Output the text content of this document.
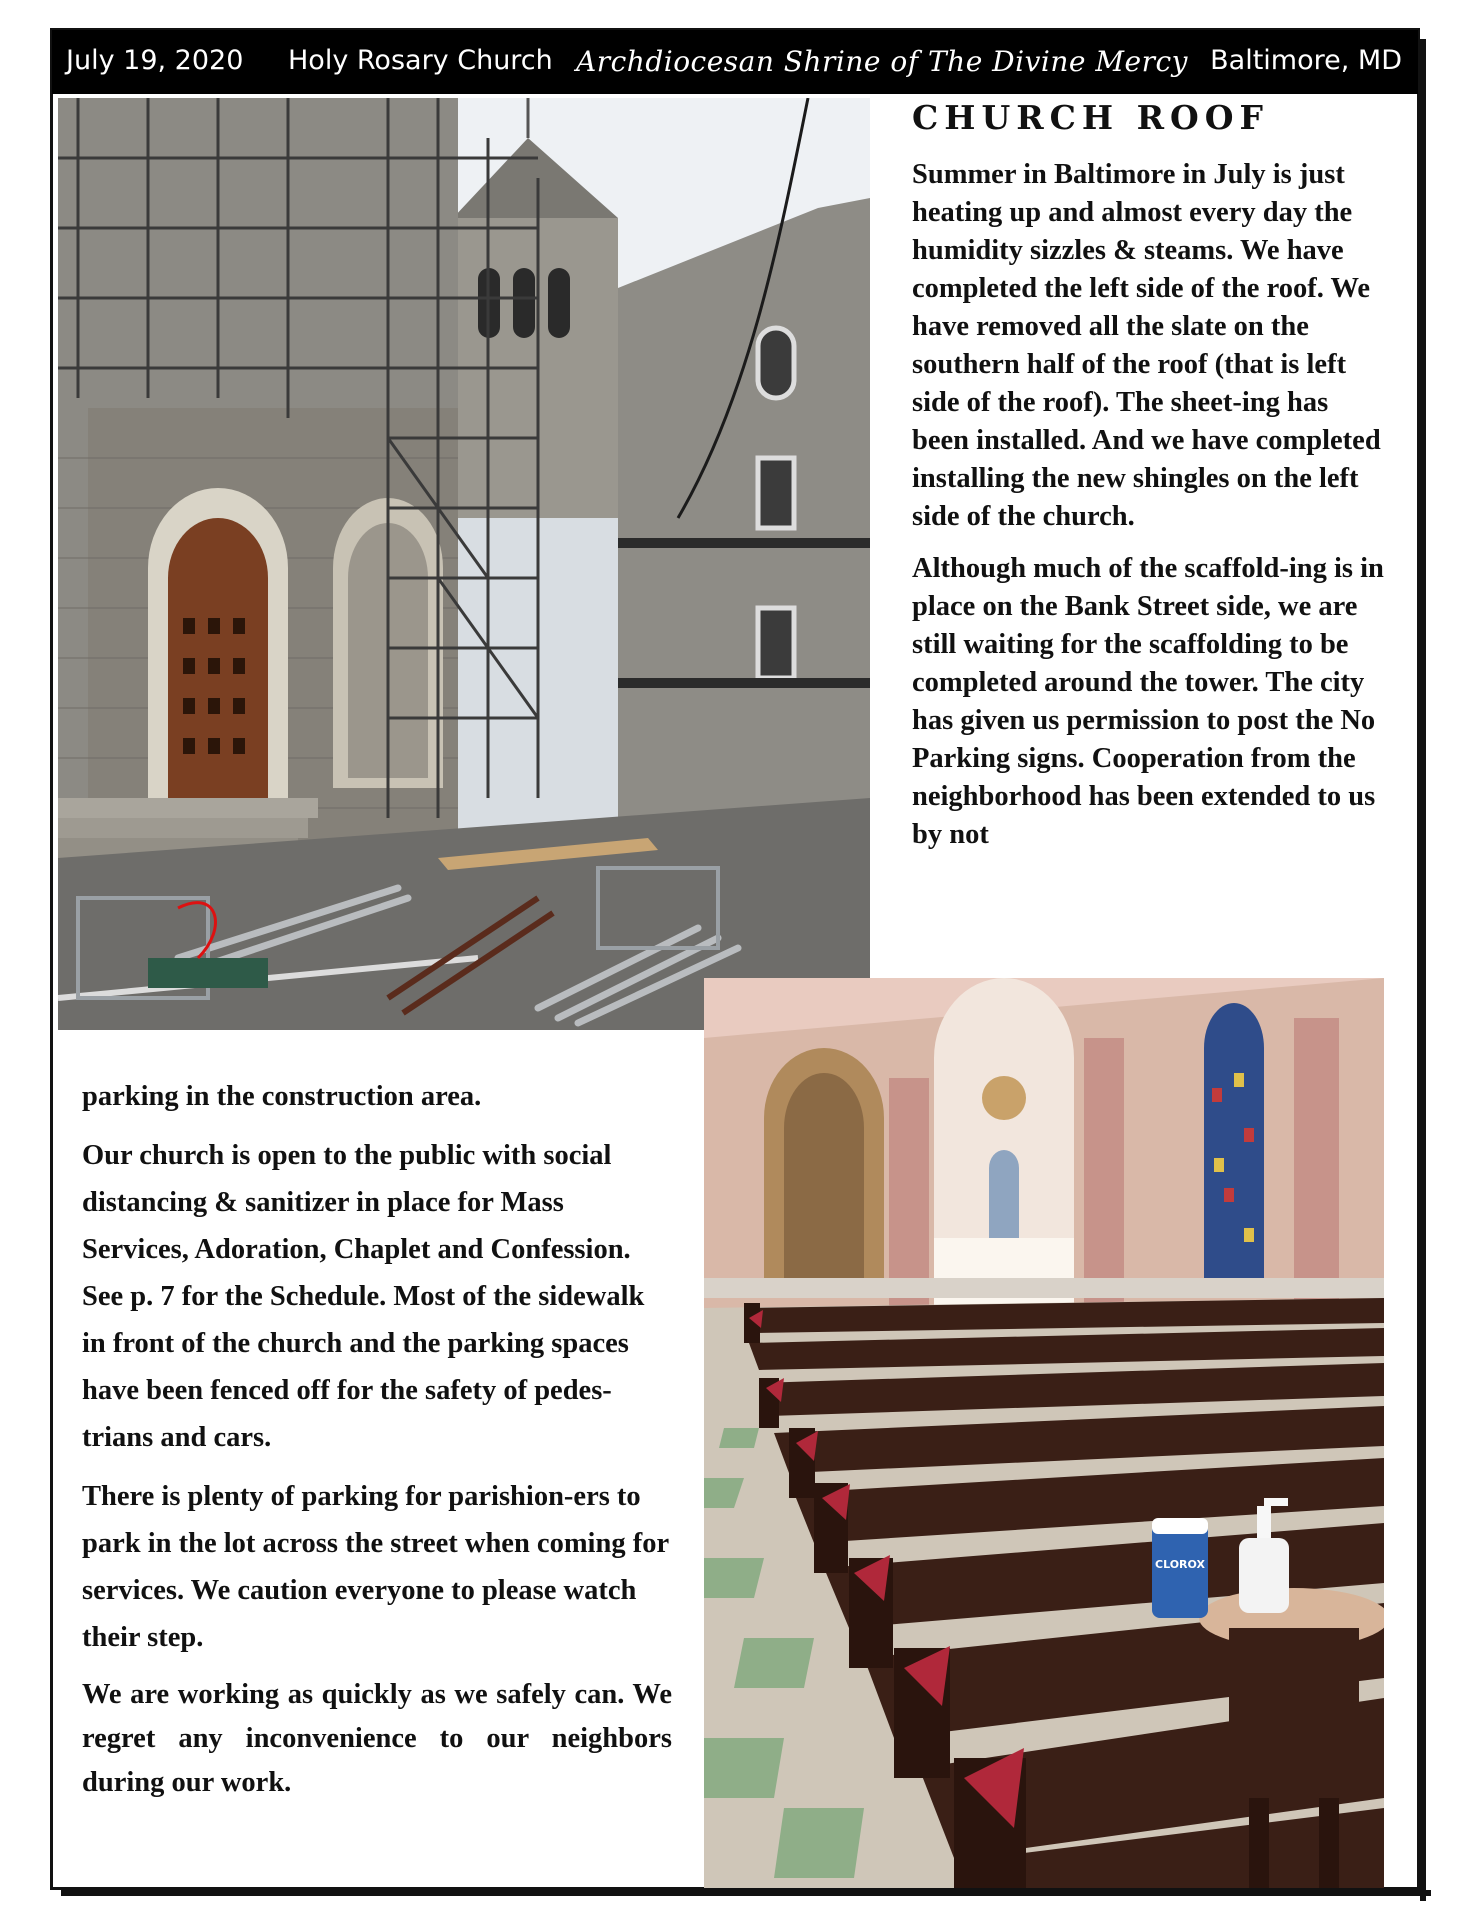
July 19, 2020 Holy Rosary Church Archdiocesan Shrine of The Divine Mercy Baltimore, MD
CLOROX
CHURCH ROOF

Summer in Baltimore in July is just heating up and almost every day the humidity sizzles & steams. We have completed the left side of the roof. We have removed all the slate on the southern half of the roof (that is left side of the roof). The sheet-ing has been installed. And we have completed installing the new shingles on the left side of the church.

Although much of the scaffold-ing is in place on the Bank Street side, we are still waiting for the scaffolding to be completed around the tower. The city has given us permission to post the No Parking signs. Cooperation from the neighborhood has been extended to us by not

parking in the construction area.

Our church is open to the public with social distancing & sanitizer in place for Mass Services, Adoration, Chaplet and Confession. See p. 7 for the Schedule. Most of the sidewalk in front of the church and the parking spaces have been fenced off for the safety of pedes-trians and cars.

There is plenty of parking for parishion-ers to park in the lot across the street when coming for services. We caution everyone to please watch their step.

We are working as quickly as we safely can. We regret any inconvenience to our neighbors during our work.
